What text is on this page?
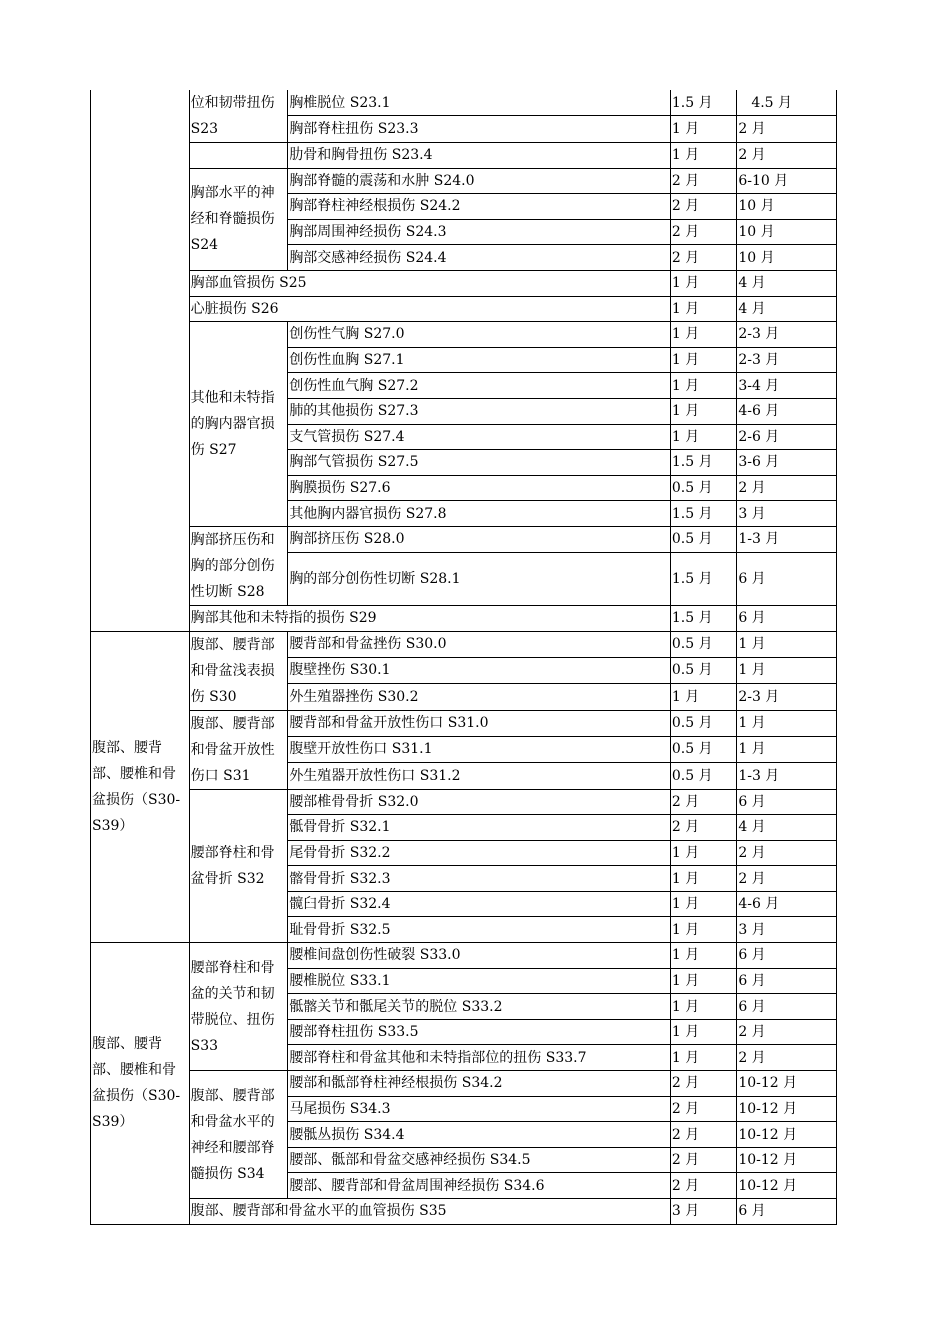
	位和韧带扭伤 S23	胸椎脱位 S23.1	1.5 月	4.5 月
		胸部脊柱扭伤 S23.3	1 月	2 月
		肋骨和胸骨扭伤 S23.4	1 月	2 月
	胸部水平的神经和脊髓损伤 S24	胸部脊髓的震荡和水肿 S24.0	2 月	6-10 月
		胸部脊柱神经根损伤 S24.2	2 月	10 月
		胸部周围神经损伤 S24.3	2 月	10 月
		胸部交感神经损伤 S24.4	2 月	10 月
	胸部血管损伤 S25		1 月	4 月
	心脏损伤 S26		1 月	4 月
	其他和未特指的胸内器官损伤 S27	创伤性气胸 S27.0	1 月	2-3 月
		创伤性血胸 S27.1	1 月	2-3 月
		创伤性血气胸 S27.2	1 月	3-4 月
		肺的其他损伤 S27.3	1 月	4-6 月
		支气管损伤 S27.4	1 月	2-6 月
		胸部气管损伤 S27.5	1.5 月	3-6 月
		胸膜损伤 S27.6	0.5 月	2 月
		其他胸内器官损伤 S27.8	1.5 月	3 月
	胸部挤压伤和胸的部分创伤性切断 S28	胸部挤压伤 S28.0	0.5 月	1-3 月
		胸的部分创伤性切断 S28.1	1.5 月	6 月
	胸部其他和未特指的损伤 S29		1.5 月	6 月
腹部、腰背部、腰椎和骨盆损伤（S30-S39）	腹部、腰背部和骨盆浅表损伤 S30	腰背部和骨盆挫伤 S30.0	0.5 月	1 月
		腹壁挫伤 S30.1	0.5 月	1 月
		外生殖器挫伤 S30.2	1 月	2-3 月
	腹部、腰背部和骨盆开放性伤口 S31	腰背部和骨盆开放性伤口 S31.0	0.5 月	1 月
		腹壁开放性伤口 S31.1	0.5 月	1 月
		外生殖器开放性伤口 S31.2	0.5 月	1-3 月
	腰部脊柱和骨盆骨折 S32	腰部椎骨骨折 S32.0	2 月	6 月
		骶骨骨折 S32.1	2 月	4 月
		尾骨骨折 S32.2	1 月	2 月
		髂骨骨折 S32.3	1 月	2 月
		髋臼骨折 S32.4	1 月	4-6 月
		耻骨骨折 S32.5	1 月	3 月
腹部、腰背部、腰椎和骨盆损伤（S30-S39）	腰部脊柱和骨盆的关节和韧带脱位、扭伤 S33	腰椎间盘创伤性破裂 S33.0	1 月	6 月
		腰椎脱位 S33.1	1 月	6 月
		骶髂关节和骶尾关节的脱位 S33.2	1 月	6 月
		腰部脊柱扭伤 S33.5	1 月	2 月
		腰部脊柱和骨盆其他和未特指部位的扭伤 S33.7	1 月	2 月
	腹部、腰背部和骨盆水平的神经和腰部脊髓损伤 S34	腰部和骶部脊柱神经根损伤 S34.2	2 月	10-12 月
		马尾损伤 S34.3	2 月	10-12 月
		腰骶丛损伤 S34.4	2 月	10-12 月
		腰部、骶部和骨盆交感神经损伤 S34.5	2 月	10-12 月
		腰部、腰背部和骨盆周围神经损伤 S34.6	2 月	10-12 月
	腹部、腰背部和骨盆水平的血管损伤 S35		3 月	6 月
